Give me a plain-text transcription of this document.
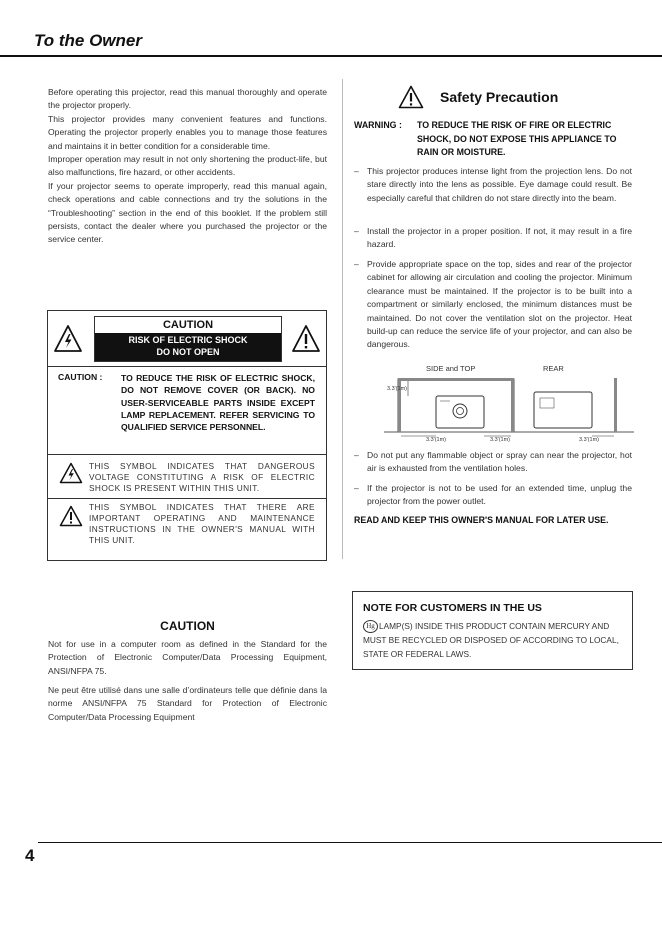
To the Owner

Before operating this projector, read this manual thoroughly and operate the projector properly.

This projector provides many convenient features and functions. Operating the projector properly enables you to manage those features and maintains it in better condition for a considerable time.

Improper operation may result in not only shortening the product-life, but also malfunctions, fire hazard, or other accidents.

If your projector seems to operate improperly, read this manual again, check operations and cable connections and try the solutions in the “Troubleshooting” section in the end of this booklet. If the problem still persists, contact the dealer where you purchased the projector or the service center.

CAUTION
RISK OF ELECTRIC SHOCK
DO NOT OPEN
CAUTION : TO REDUCE THE RISK OF ELECTRIC SHOCK, DO NOT REMOVE COVER (OR BACK). NO USER-SERVICEABLE PARTS INSIDE EXCEPT LAMP REPLACEMENT. REFER SERVICING TO QUALIFIED SERVICE PERSONNEL.
THIS SYMBOL INDICATES THAT DANGEROUS VOLTAGE CONSTITUTING A RISK OF ELECTRIC SHOCK IS PRESENT WITHIN THIS UNIT.
THIS SYMBOL INDICATES THAT THERE ARE IMPORTANT OPERATING AND MAINTENANCE INSTRUCTIONS IN THE OWNER'S MANUAL WITH THIS UNIT.
CAUTION
Not for use in a computer room as defined in the Standard for the Protection of Electronic Computer/Data Processing Equipment, ANSI/NFPA 75.
Ne peut être utilisé dans une salle d’ordinateurs telle que définie dans la norme ANSI/NFPA 75 Standard for Protection of Electronic Computer/Data Processing Equipment
Safety Precaution
WARNING : TO REDUCE THE RISK OF FIRE OR ELECTRIC SHOCK, DO NOT EXPOSE THIS APPLIANCE TO RAIN OR MOISTURE.
– This projector produces intense light from the projection lens. Do not stare directly into the lens as possible. Eye damage could result. Be especially careful that children do not stare directly into the beam.
– Install the projector in a proper position. If not, it may result in a fire hazard.
– Provide appropriate space on the top, sides and rear of the projector cabinet for allowing air circulation and cooling the projector. Minimum clearance must be maintained. If the projector is to be built into a compartment or similarly enclosed, the minimum distances must be maintained. Do not cover the ventilation slot on the projector. Heat build-up can reduce the service life of your projector, and can also be dangerous.
SIDE and TOP	REAR
3.3'(1m)
3.3'(1m)	3.3'(1m)	3.3'(1m)
– Do not put any flammable object or spray can near the projector, hot air is exhausted from the ventilation holes.
– If the projector is not to be used for an extended time, unplug the projector from the power outlet.
READ AND KEEP THIS OWNER'S MANUAL FOR LATER USE.
NOTE FOR CUSTOMERS IN THE US
Hg LAMP(S) INSIDE THIS PRODUCT CONTAIN MERCURY AND MUST BE RECYCLED OR DISPOSED OF ACCORDING TO LOCAL, STATE OR FEDERAL LAWS.
4
